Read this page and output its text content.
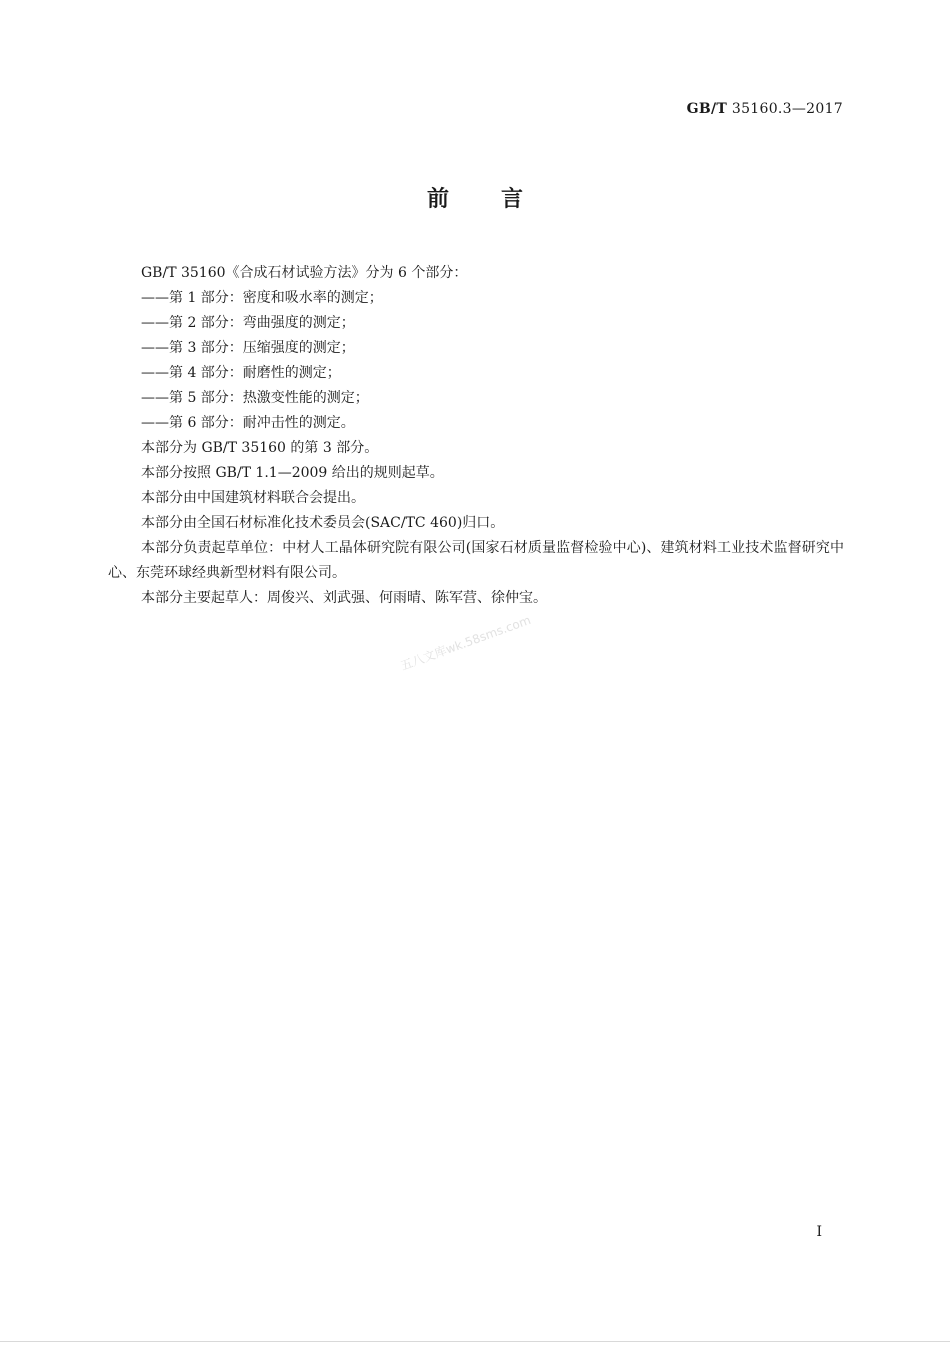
GB/T 35160.3—2017
前言

GB/T 35160《合成石材试验方法》分为 6 个部分：

——第 1 部分：密度和吸水率的测定；

——第 2 部分：弯曲强度的测定；

——第 3 部分：压缩强度的测定；

——第 4 部分：耐磨性的测定；

——第 5 部分：热激变性能的测定；

——第 6 部分：耐冲击性的测定。

本部分为 GB/T 35160 的第 3 部分。

本部分按照 GB/T 1.1—2009 给出的规则起草。

本部分由中国建筑材料联合会提出。

本部分由全国石材标准化技术委员会(SAC/TC 460)归口。

本部分负责起草单位：中材人工晶体研究院有限公司(国家石材质量监督检验中心)、建筑材料工业技术监督研究中心、东莞环球经典新型材料有限公司。

本部分主要起草人：周俊兴、刘武强、何雨晴、陈军营、徐仲宝。

五八文库wk.58sms.com
I
